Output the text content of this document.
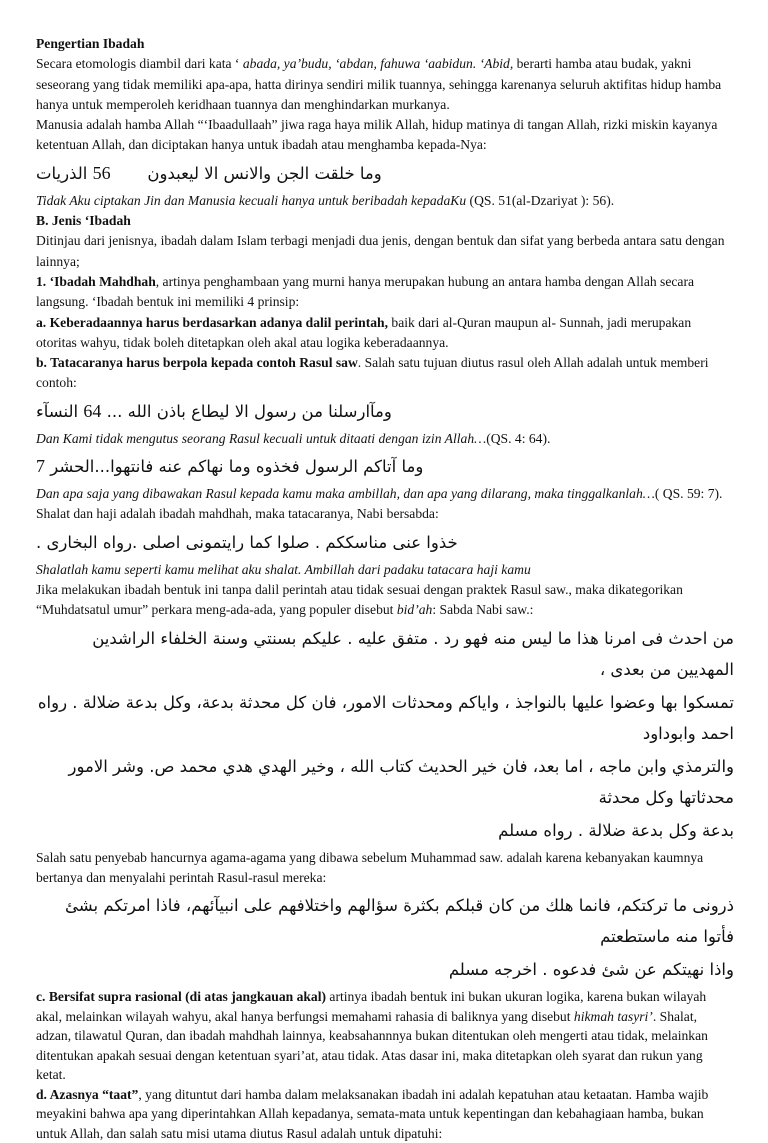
Pengertian Ibadah

Secara etomologis diambil dari kata ‘ abada, ya’budu, ‘abdan, fahuwa ‘aabidun. ‘Abid, berarti hamba atau budak, yakni seseorang yang tidak memiliki apa-apa, hatta dirinya sendiri milik tuannya, sehingga karenanya seluruh aktifitas hidup hamba hanya untuk memperoleh keridhaan tuannya dan menghindarkan murkanya.

Manusia adalah hamba Allah “‘Ibaadullaah” jiwa raga haya milik Allah, hidup matinya di tangan Allah, rizki miskin kayanya ketentuan Allah, dan diciptakan hanya untuk ibadah atau menghamba kepada-Nya:

الذريات 56 وما خلقت الجن والانس الا ليعبدون

Tidak Aku ciptakan Jin dan Manusia kecuali hanya untuk beribadah kepadaKu (QS. 51(al-Dzariyat ): 56).

B. Jenis ‘Ibadah

Ditinjau dari jenisnya, ibadah dalam Islam terbagi menjadi dua jenis, dengan bentuk dan sifat yang berbeda antara satu dengan lainnya;

1. ‘Ibadah Mahdhah, artinya penghambaan yang murni hanya merupakan hubung an antara hamba dengan Allah secara langsung. ‘Ibadah bentuk ini memiliki 4 prinsip:

a. Keberadaannya harus berdasarkan adanya dalil perintah, baik dari al-Quran maupun al- Sunnah, jadi merupakan otoritas wahyu, tidak boleh ditetapkan oleh akal atau logika keberadaannya.

b. Tatacaranya harus berpola kepada contoh Rasul saw. Salah satu tujuan diutus rasul oleh Allah adalah untuk memberi contoh:

النسآء 64 ... ومآارسلنا من رسول الا ليطاع باذن الله

Dan Kami tidak mengutus seorang Rasul kecuali untuk ditaati dengan izin Allah…(QS. 4: 64).

7 وما آتاكم الرسول فخذوه وما نهاكم عنه فانتهوا...الحشر

Dan apa saja yang dibawakan Rasul kepada kamu maka ambillah, dan apa yang dilarang, maka tinggalkanlah…( QS. 59: 7).

Shalat dan haji adalah ibadah mahdhah, maka tatacaranya, Nabi bersabda:

خذوا عنى مناسككم . صلوا كما رايتمونى اصلى .رواه البخارى .

Shalatlah kamu seperti kamu melihat aku shalat. Ambillah dari padaku tatacara haji kamu

Jika melakukan ibadah bentuk ini tanpa dalil perintah atau tidak sesuai dengan praktek Rasul saw., maka dikategorikan “Muhdatsatul umur” perkara meng-ada-ada, yang populer disebut bid’ah: Sabda Nabi saw.:

من احدث فى امرنا هذا ما ليس منه فهو رد . متفق عليه . عليكم بسنتي وسنة الخلفاء الراشدين المهديين من بعدى ،

تمسكوا بها وعضوا عليها بالنواجذ ، واياكم ومحدثات الامور، فان كل محدثة بدعة، وكل بدعة ضلالة . رواه احمد وابوداود

والترمذي وابن ماجه ، اما بعد، فان خير الحديث كتاب الله ، وخير الهدي هدي محمد ص. وشر الامور محدثاتها وكل محدثة

بدعة وكل بدعة ضلالة . رواه مسلم

Salah satu penyebab hancurnya agama-agama yang dibawa sebelum Muhammad saw. adalah karena kebanyakan kaumnya bertanya dan menyalahi perintah Rasul-rasul mereka:

ذرونى ما تركتكم، فانما هلك من كان قبلكم بكثرة سؤالهم واختلافهم على انبيآئهم، فاذا امرتكم بشئ فأتوا منه ماستطعتم

واذا نهيتكم عن شئ فدعوه . اخرجه مسلم

c. Bersifat supra rasional (di atas jangkauan akal) artinya ibadah bentuk ini bukan ukuran logika, karena bukan wilayah akal, melainkan wilayah wahyu, akal hanya berfungsi memahami rahasia di baliknya yang disebut hikmah tasyri’. Shalat, adzan, tilawatul Quran, dan ibadah mahdhah lainnya, keabsahannnya bukan ditentukan oleh mengerti atau tidak, melainkan ditentukan apakah sesuai dengan ketentuan syari’at, atau tidak. Atas dasar ini, maka ditetapkan oleh syarat dan rukun yang ketat.

d. Azasnya “taat”, yang dituntut dari hamba dalam melaksanakan ibadah ini adalah kepatuhan atau ketaatan. Hamba wajib meyakini bahwa apa yang diperintahkan Allah kepadanya, semata-mata untuk kepentingan dan kebahagiaan hamba, bukan untuk Allah, dan salah satu misi utama diutus Rasul adalah untuk dipatuhi:
